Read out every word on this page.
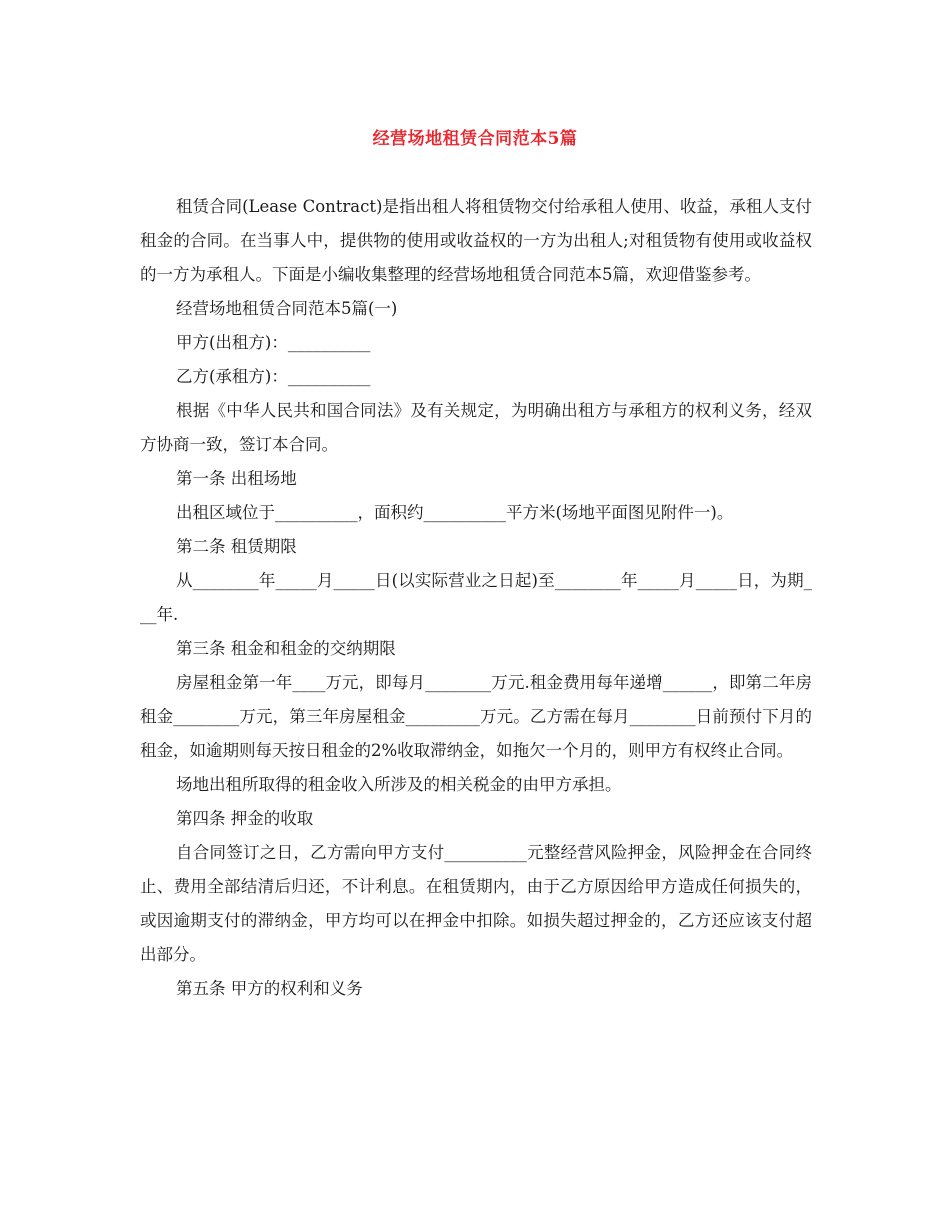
经营场地租赁合同范本5篇

租赁合同(Lease Contract)是指出租人将租赁物交付给承租人使用、收益，承租人支付租金的合同。在当事人中，提供物的使用或收益权的一方为出租人;对租赁物有使用或收益权的一方为承租人。下面是小编收集整理的经营场地租赁合同范本5篇，欢迎借鉴参考。

经营场地租赁合同范本5篇(一)

甲方(出租方)：__________

乙方(承租方)：__________

根据《中华人民共和国合同法》及有关规定，为明确出租方与承租方的权利义务，经双方协商一致，签订本合同。

第一条 出租场地

出租区域位于__________，面积约__________平方米(场地平面图见附件一)。

第二条 租赁期限

从________年_____月_____日(以实际营业之日起)至________年_____月_____日，为期___年.

第三条 租金和租金的交纳期限

房屋租金第一年____万元，即每月________万元.租金费用每年递增______，即第二年房租金________万元，第三年房屋租金_________万元。乙方需在每月________日前预付下月的租金，如逾期则每天按日租金的2%收取滞纳金，如拖欠一个月的，则甲方有权终止合同。

场地出租所取得的租金收入所涉及的相关税金的由甲方承担。

第四条 押金的收取

自合同签订之日，乙方需向甲方支付__________元整经营风险押金，风险押金在合同终止、费用全部结清后归还，不计利息。在租赁期内，由于乙方原因给甲方造成任何损失的，或因逾期支付的滞纳金，甲方均可以在押金中扣除。如损失超过押金的，乙方还应该支付超出部分。

第五条 甲方的权利和义务
